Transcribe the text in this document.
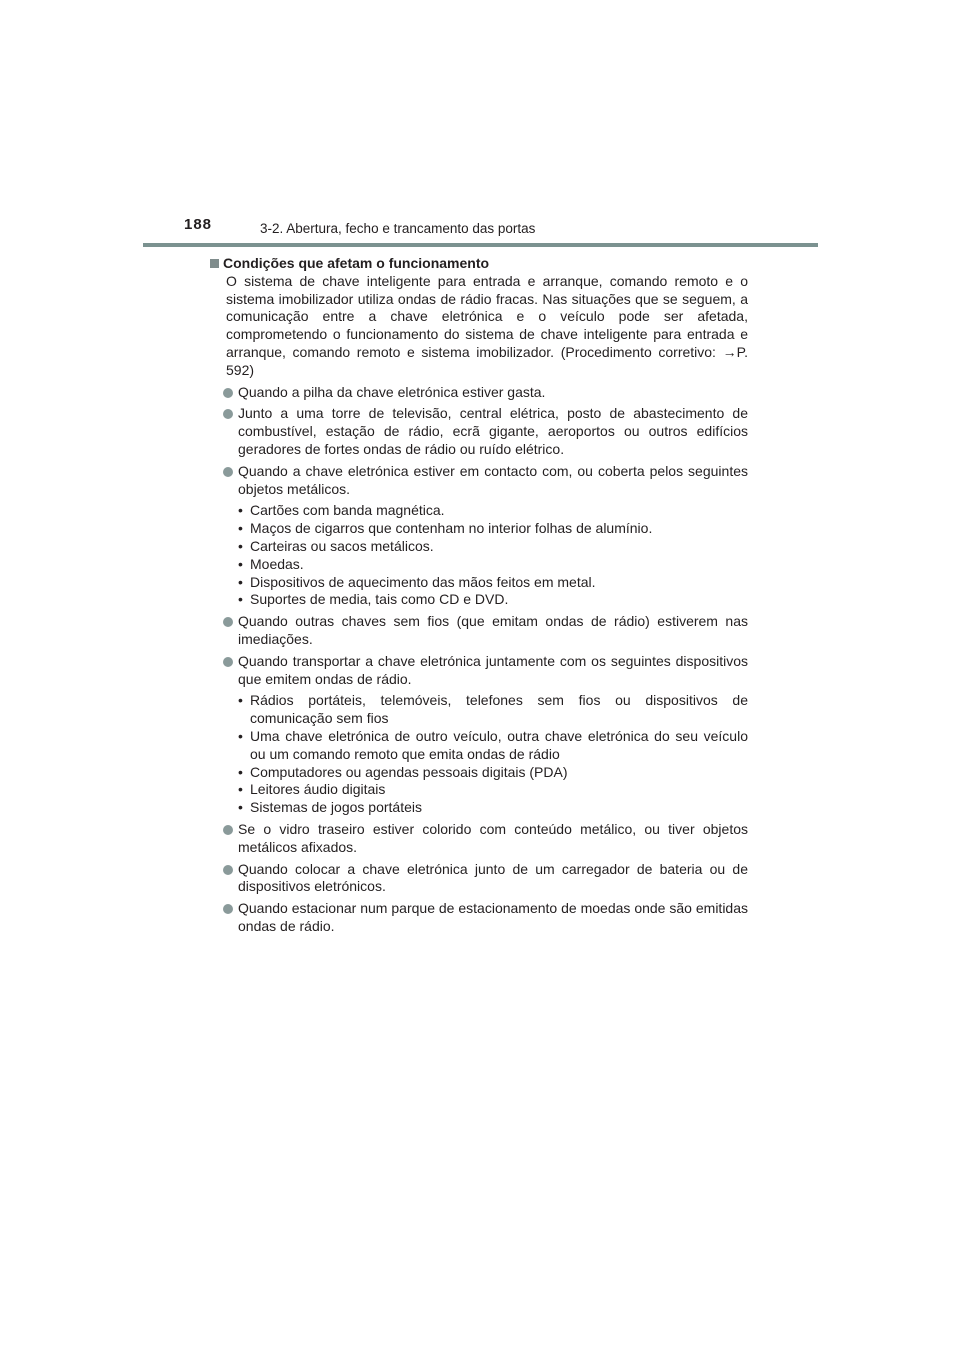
188	3-2. Abertura, fecho e trancamento das portas
Condições que afetam o funcionamento
O sistema de chave inteligente para entrada e arranque, comando remoto e o sistema imobilizador utiliza ondas de rádio fracas. Nas situações que se seguem, a comunicação entre a chave eletrónica e o veículo pode ser afetada, comprometendo o funcionamento do sistema de chave inteligente para entrada e arranque, comando remoto e sistema imobilizador. (Procedimento corretivo: →P. 592)
Quando a pilha da chave eletrónica estiver gasta.
Junto a uma torre de televisão, central elétrica, posto de abastecimento de combustível, estação de rádio, ecrã gigante, aeroportos ou outros edifícios geradores de fortes ondas de rádio ou ruído elétrico.
Quando a chave eletrónica estiver em contacto com, ou coberta pelos seguintes objetos metálicos.
• Cartões com banda magnética.
• Maços de cigarros que contenham no interior folhas de alumínio.
• Carteiras ou sacos metálicos.
• Moedas.
• Dispositivos de aquecimento das mãos feitos em metal.
• Suportes de media, tais como CD e DVD.
Quando outras chaves sem fios (que emitam ondas de rádio) estiverem nas imediações.
Quando transportar a chave eletrónica juntamente com os seguintes dispositivos que emitem ondas de rádio.
• Rádios portáteis, telemóveis, telefones sem fios ou dispositivos de comunicação sem fios
• Uma chave eletrónica de outro veículo, outra chave eletrónica do seu veículo ou um comando remoto que emita ondas de rádio
• Computadores ou agendas pessoais digitais (PDA)
• Leitores áudio digitais
• Sistemas de jogos portáteis
Se o vidro traseiro estiver colorido com conteúdo metálico, ou tiver objetos metálicos afixados.
Quando colocar a chave eletrónica junto de um carregador de bateria ou de dispositivos eletrónicos.
Quando estacionar num parque de estacionamento de moedas onde são emitidas ondas de rádio.
